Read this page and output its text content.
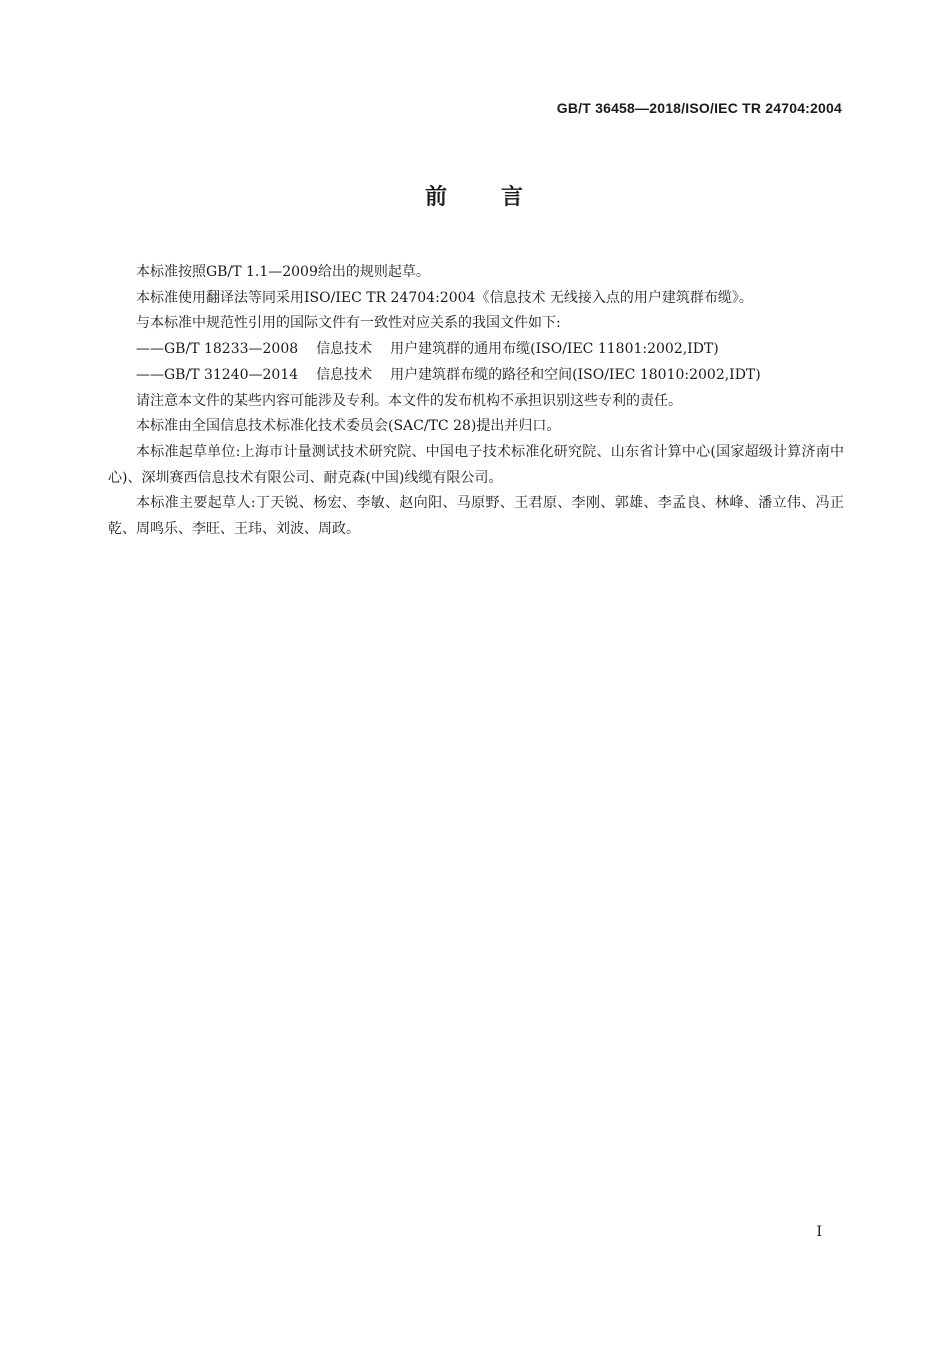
GB/T 36458—2018/ISO/IEC TR 24704:2004
前 言

本标准按照GB/T 1.1—2009给出的规则起草。

本标准使用翻译法等同采用ISO/IEC TR 24704:2004《信息技术 无线接入点的用户建筑群布缆》。

与本标准中规范性引用的国际文件有一致性对应关系的我国文件如下:

——GB/T 18233—2008 信息技术 用户建筑群的通用布缆(ISO/IEC 11801:2002,IDT)

——GB/T 31240—2014 信息技术 用户建筑群布缆的路径和空间(ISO/IEC 18010:2002,IDT)

请注意本文件的某些内容可能涉及专利。本文件的发布机构不承担识别这些专利的责任。

本标准由全国信息技术标准化技术委员会(SAC/TC 28)提出并归口。

本标准起草单位:上海市计量测试技术研究院、中国电子技术标准化研究院、山东省计算中心(国家超级计算济南中心)、深圳赛西信息技术有限公司、耐克森(中国)线缆有限公司。

本标准主要起草人:丁天锐、杨宏、李敏、赵向阳、马原野、王君原、李刚、郭雄、李孟良、林峰、潘立伟、冯正乾、周鸣乐、李旺、王玮、刘波、周政。

I
